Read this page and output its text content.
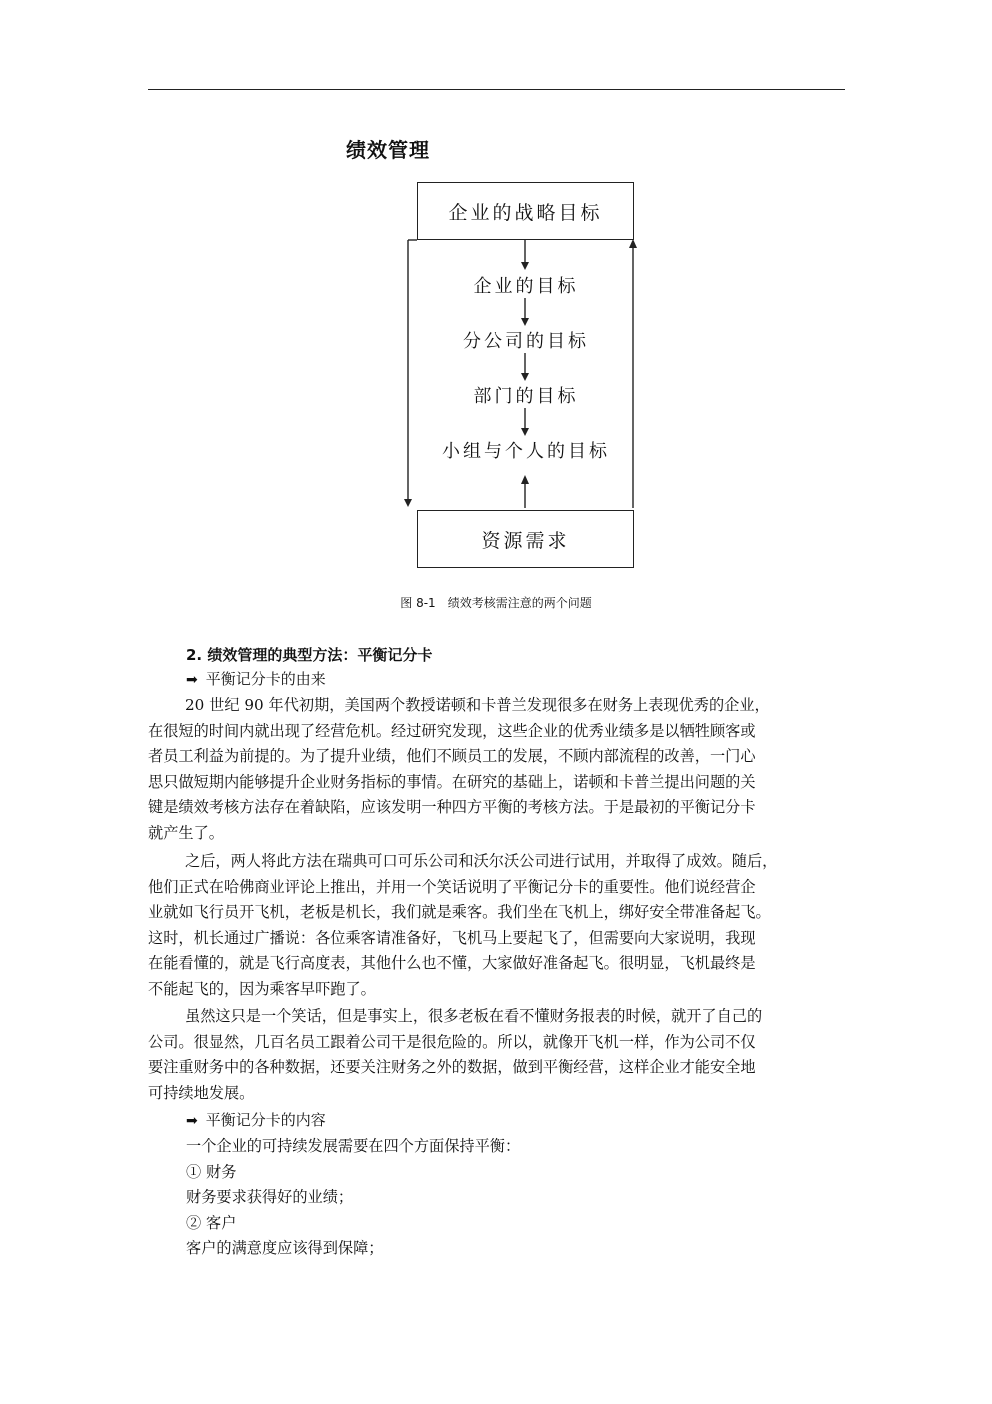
绩效管理
企业的战略目标
企业的目标
分公司的目标
部门的目标
小组与个人的目标
资源需求
图 8-1　绩效考核需注意的两个问题
2. 绩效管理的典型方法：平衡记分卡
➡ 平衡记分卡的由来
20 世纪 90 年代初期，美国两个教授诺顿和卡普兰发现很多在财务上表现优秀的企业，
在很短的时间内就出现了经营危机。经过研究发现，这些企业的优秀业绩多是以牺牲顾客或
者员工利益为前提的。为了提升业绩，他们不顾员工的发展，不顾内部流程的改善，一门心
思只做短期内能够提升企业财务指标的事情。在研究的基础上，诺顿和卡普兰提出问题的关
键是绩效考核方法存在着缺陷，应该发明一种四方平衡的考核方法。于是最初的平衡记分卡
就产生了。
之后，两人将此方法在瑞典可口可乐公司和沃尔沃公司进行试用，并取得了成效。随后，
他们正式在哈佛商业评论上推出，并用一个笑话说明了平衡记分卡的重要性。他们说经营企
业就如飞行员开飞机，老板是机长，我们就是乘客。我们坐在飞机上，绑好安全带准备起飞。
这时，机长通过广播说：各位乘客请准备好，飞机马上要起飞了，但需要向大家说明，我现
在能看懂的，就是飞行高度表，其他什么也不懂，大家做好准备起飞。很明显，飞机最终是
不能起飞的，因为乘客早吓跑了。
虽然这只是一个笑话，但是事实上，很多老板在看不懂财务报表的时候，就开了自己的
公司。很显然，几百名员工跟着公司干是很危险的。所以，就像开飞机一样，作为公司不仅
要注重财务中的各种数据，还要关注财务之外的数据，做到平衡经营，这样企业才能安全地
可持续地发展。
➡ 平衡记分卡的内容
一个企业的可持续发展需要在四个方面保持平衡：
① 财务
财务要求获得好的业绩；
② 客户
客户的满意度应该得到保障；
